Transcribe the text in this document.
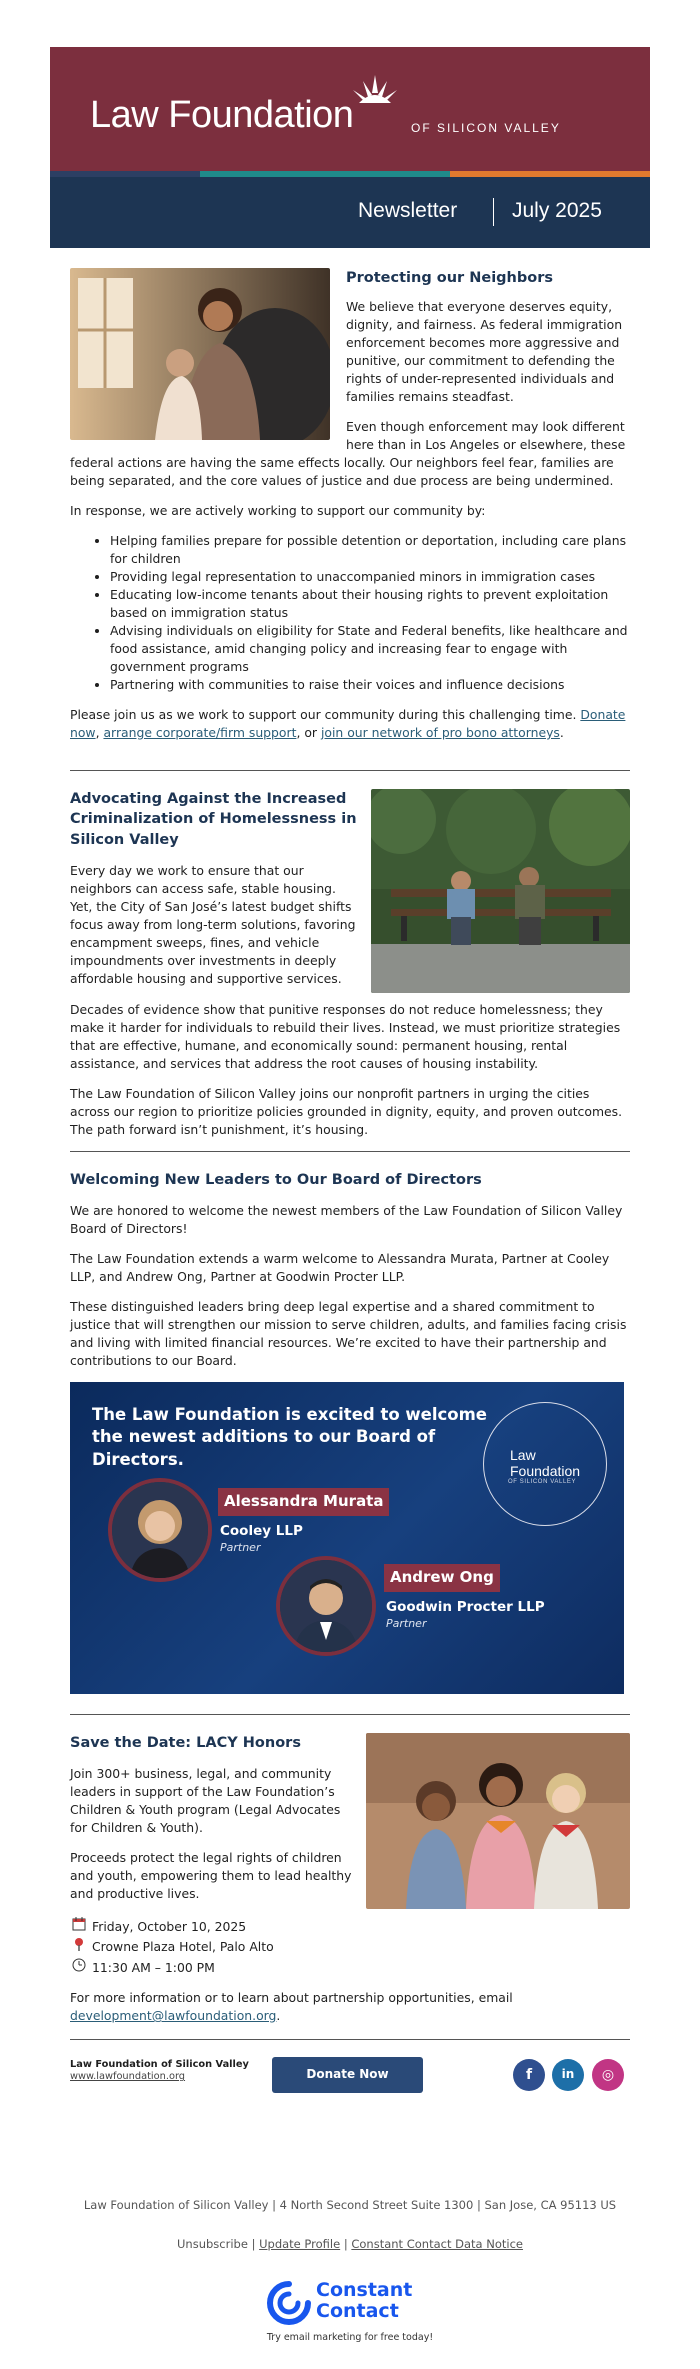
Law Foundation	OF SILICON VALLEY
Newsletter	July 2025
Protecting our Neighbors

We believe that everyone deserves equity, dignity, and fairness. As federal immigration enforcement becomes more aggressive and punitive, our commitment to defending the rights of under-represented individuals and families remains steadfast.

Even though enforcement may look different here than in Los Angeles or elsewhere, these federal actions are having the same effects locally. Our neighbors feel fear, families are being separated, and the core values of justice and due process are being undermined.

In response, we are actively working to support our community by:

• Helping families prepare for possible detention or deportation, including care plans for children
• Providing legal representation to unaccompanied minors in immigration cases
• Educating low-income tenants about their housing rights to prevent exploitation based on immigration status
• Advising individuals on eligibility for State and Federal benefits, like healthcare and food assistance, amid changing policy and increasing fear to engage with government programs
• Partnering with communities to raise their voices and influence decisions

Please join us as we work to support our community during this challenging time. Donate now, arrange corporate/firm support, or join our network of pro bono attorneys.

Advocating Against the Increased Criminalization of Homelessness in Silicon Valley

Every day we work to ensure that our neighbors can access safe, stable housing. Yet, the City of San José’s latest budget shifts focus away from long-term solutions, favoring encampment sweeps, fines, and vehicle impoundments over investments in deeply affordable housing and supportive services.

Decades of evidence show that punitive responses do not reduce homelessness; they make it harder for individuals to rebuild their lives. Instead, we must prioritize strategies that are effective, humane, and economically sound: permanent housing, rental assistance, and services that address the root causes of housing instability.

The Law Foundation of Silicon Valley joins our nonprofit partners in urging the cities across our region to prioritize policies grounded in dignity, equity, and proven outcomes. The path forward isn’t punishment, it’s housing.

Welcoming New Leaders to Our Board of Directors

We are honored to welcome the newest members of the Law Foundation of Silicon Valley Board of Directors!

The Law Foundation extends a warm welcome to Alessandra Murata, Partner at Cooley LLP, and Andrew Ong, Partner at Goodwin Procter LLP.

These distinguished leaders bring deep legal expertise and a shared commitment to justice that will strengthen our mission to serve children, adults, and families facing crisis and living with limited financial resources. We’re excited to have their partnership and contributions to our Board.

The Law Foundation is excited to welcome the newest additions to our Board of Directors.	Law
Foundation
OF SILICON VALLEY
Alessandra Murata
Cooley LLP
Partner
Andrew Ong
Goodwin Procter LLP
Partner
Save the Date: LACY Honors

Join 300+ business, legal, and community leaders in support of the Law Foundation’s Children & Youth program (Legal Advocates for Children & Youth).

Proceeds protect the legal rights of children and youth, empowering them to lead healthy and productive lives.

Friday, October 10, 2025
Crowne Plaza Hotel, Palo Alto
11:30 AM – 1:00 PM

For more information or to learn about partnership opportunities, email development@lawfoundation.org.

Law Foundation of Silicon Valley
www.lawfoundation.org	Donate Now	f	in	◎
Law Foundation of Silicon Valley | 4 North Second Street Suite 1300 | San Jose, CA 95113 US
Unsubscribe | Update Profile | Constant Contact Data Notice
Constant
Contact
Try email marketing for free today!
